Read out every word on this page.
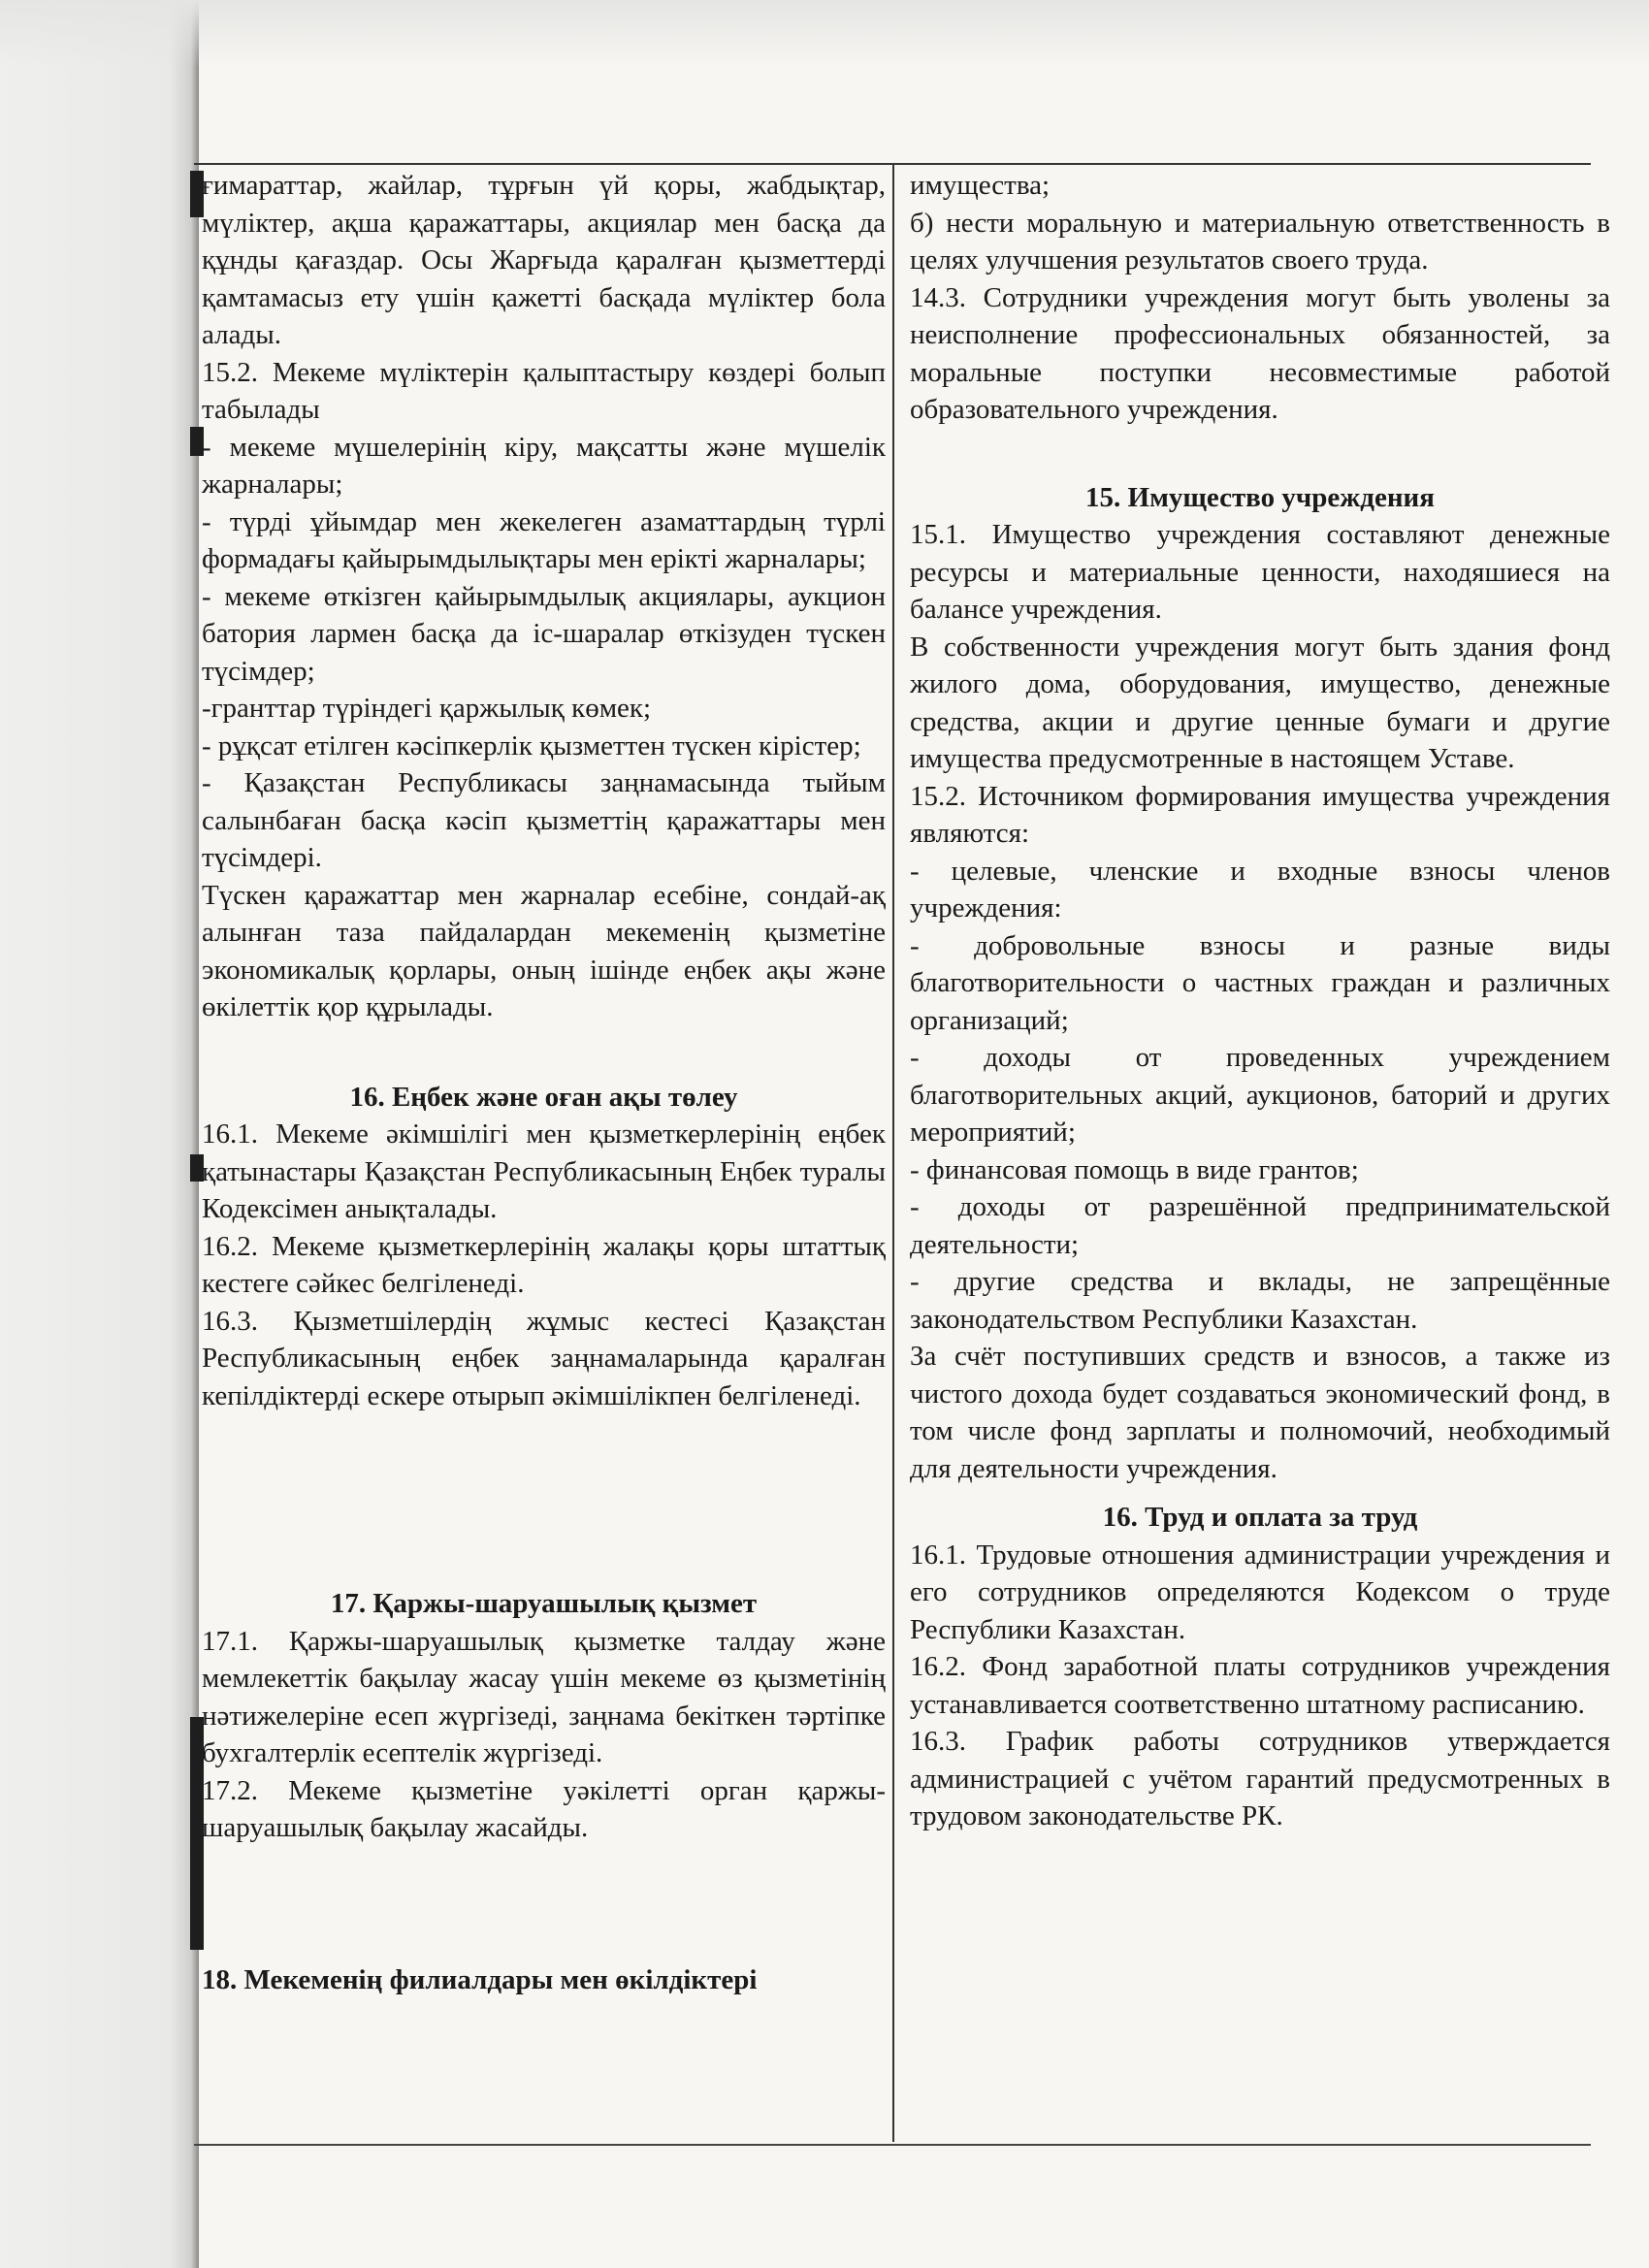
ғимараттар, жайлар, тұрғын үй қоры, жабдықтар, мүліктер, ақша қаражаттары, акциялар мен басқа да құнды қағаздар. Осы Жарғыда қаралған қызметтерді қамтамасыз ету үшін қажетті басқада мүліктер бола алады.

15.2. Мекеме мүліктерін қалыптастыру көздері болып табылады

- мекеме мүшелерінің кіру, мақсатты және мүшелік жарналары;

- түрді ұйымдар мен жекелеген азаматтардың түрлі формадағы қайырымдылықтары мен ерікті жарналары;

- мекеме өткізген қайырымдылық акциялары, аукцион батория лармен басқа да іс-шаралар өткізуден түскен түсімдер;

-гранттар түріндегі қаржылық көмек;

- рұқсат етілген кәсіпкерлік қызметтен түскен кірістер;

- Қазақстан Республикасы заңнамасында тыйым салынбаған басқа кәсіп қызметтің қаражаттары мен түсімдері.

Түскен қаражаттар мен жарналар есебіне, сондай-ақ алынған таза пайдалардан мекеменің қызметіне экономикалық қорлары, оның ішінде еңбек ақы және өкілеттік қор құрылады.

16. Еңбек және оған ақы төлеу

16.1. Мекеме әкімшілігі мен қызметкерлерінің еңбек қатынастары Қазақстан Республикасының Еңбек туралы Кодексімен анықталады.

16.2. Мекеме қызметкерлерінің жалақы қоры штаттық кестеге сәйкес белгіленеді.

16.3. Қызметшілердің жұмыс кестесі Қазақстан Республикасының еңбек заңнамаларында қаралған кепілдіктерді ескере отырып әкімшілікпен белгіленеді.

17. Қаржы-шаруашылық қызмет

17.1. Қаржы-шаруашылық қызметке талдау және мемлекеттік бақылау жасау үшін мекеме өз қызметінің нәтижелеріне есеп жүргізеді, заңнама бекіткен тәртіпке бухгалтерлік есептелік жүргізеді.

17.2. Мекеме қызметіне уәкілетті орган қаржы-шаруашылық бақылау жасайды.

18. Мекеменің филиалдары мен өкілдіктері

имущества;

б) нести моральную и материальную ответственность в целях улучшения результатов своего труда.

14.3. Сотрудники учреждения могут быть уволены за неисполнение профессиональных обязанностей, за моральные поступки несовместимые работой образовательного учреждения.

15. Имущество учреждения

15.1. Имущество учреждения составляют денежные ресурсы и материальные ценности, находяшиеся на балансе учреждения.

В собственности учреждения могут быть здания фонд жилого дома, оборудования, имущество, денежные средства, акции и другие ценные бумаги и другие имущества предусмотренные в настоящем Уставе.

15.2. Источником формирования имущества учреждения являются:

- целевые, членские и входные взносы членов учреждения:

- добровольные взносы и разные виды благотворительности о частных граждан и различных организаций;

- доходы от проведенных учреждением благотворительных акций, аукционов, баторий и других мероприятий;

- финансовая помощь в виде грантов;

- доходы от разрешённой предпринимательской деятельности;

- другие средства и вклады, не запрещённые законодательством Республики Казахстан.

За счёт поступивших средств и взносов, а также из чистого дохода будет создаваться экономический фонд, в том числе фонд зарплаты и полномочий, необходимый для деятельности учреждения.

16. Труд и оплата за труд

16.1. Трудовые отношения администрации учреждения и его сотрудников определяются Кодексом о труде Республики Казахстан.

16.2. Фонд заработной платы сотрудников учреждения устанавливается соответственно штатному расписанию.

16.3. График работы сотрудников утверждается администрацией с учётом гарантий предусмотренных в трудовом законодательстве РК.
